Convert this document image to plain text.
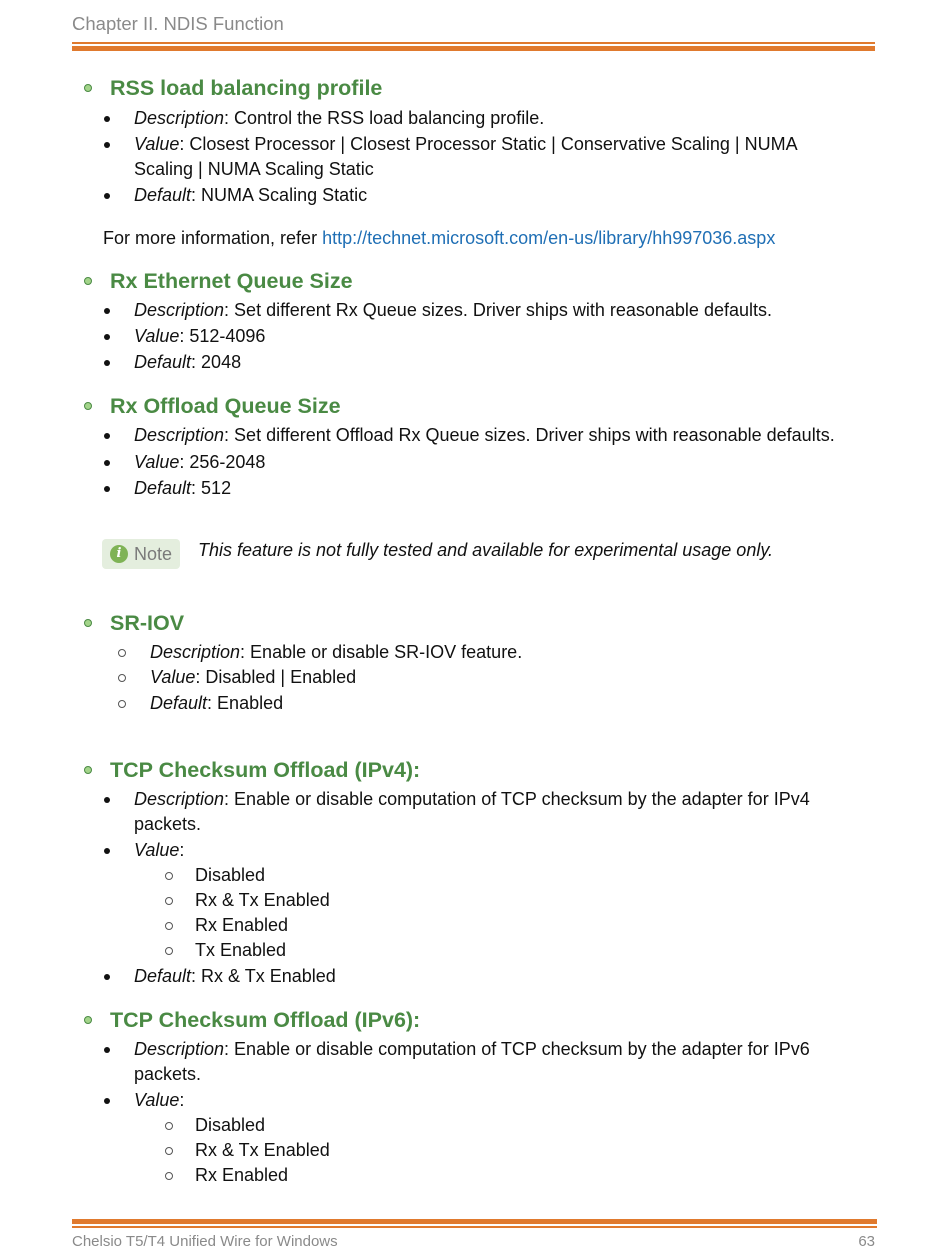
Chapter II. NDIS Function
RSS load balancing profile
Description: Control the RSS load balancing profile.
Value: Closest Processor | Closest Processor Static | Conservative Scaling | NUMA
Scaling | NUMA Scaling Static
Default: NUMA Scaling Static
For more information, refer http://technet.microsoft.com/en-us/library/hh997036.aspx
Rx Ethernet Queue Size
Description: Set different Rx Queue sizes. Driver ships with reasonable defaults.
Value: 512-4096
Default: 2048
Rx Offload Queue Size
Description: Set different Offload Rx Queue sizes. Driver ships with reasonable defaults.
Value: 256-2048
Default: 512
i Note This feature is not fully tested and available for experimental usage only.
SR-IOV
Description: Enable or disable SR-IOV feature.
Value: Disabled | Enabled
Default: Enabled
TCP Checksum Offload (IPv4):
Description: Enable or disable computation of TCP checksum by the adapter for IPv4
packets.
Value:
Disabled
Rx & Tx Enabled
Rx Enabled
Tx Enabled
Default: Rx & Tx Enabled
TCP Checksum Offload (IPv6):
Description: Enable or disable computation of TCP checksum by the adapter for IPv6
packets.
Value:
Disabled
Rx & Tx Enabled
Rx Enabled
Chelsio T5/T4 Unified Wire for Windows	63
